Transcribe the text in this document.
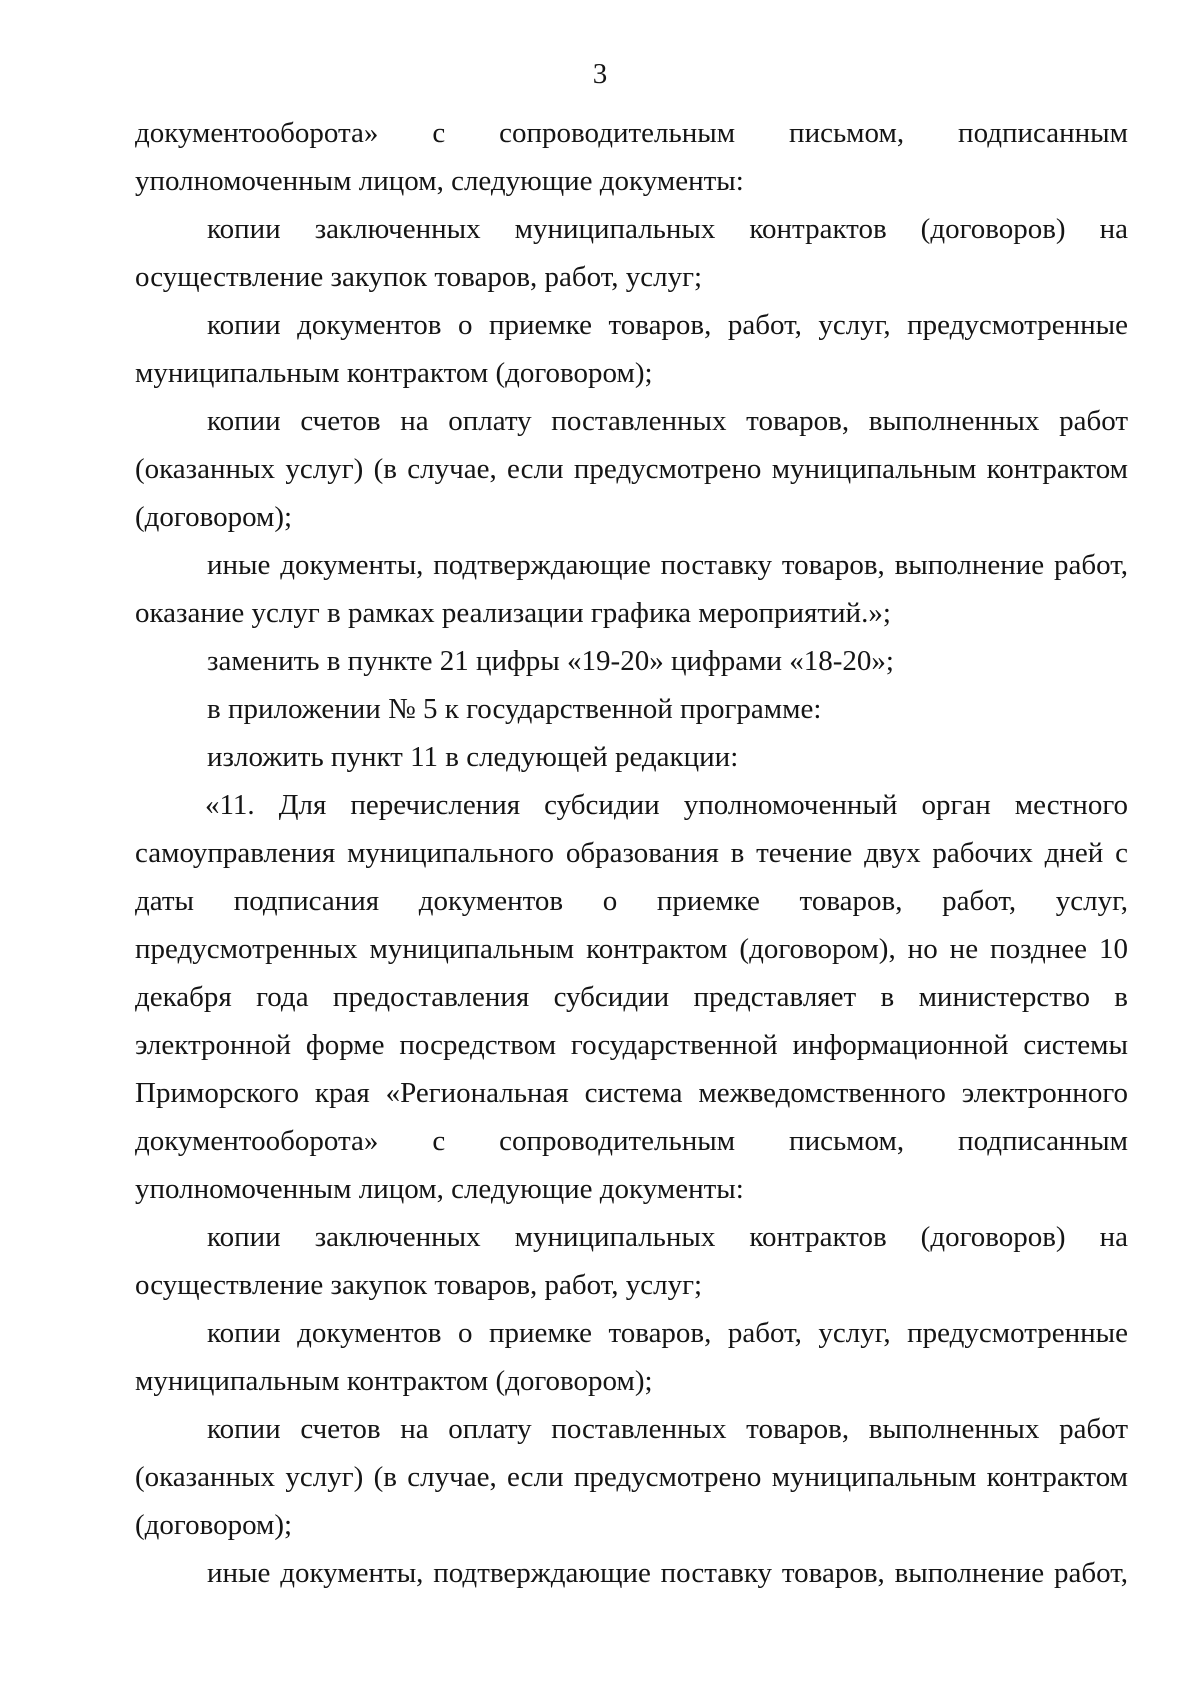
3

документооборота» с сопроводительным письмом, подписанным уполномоченным лицом, следующие документы:

копии заключенных муниципальных контрактов (договоров) на осуществление закупок товаров, работ, услуг;

копии документов о приемке товаров, работ, услуг, предусмотренные муниципальным контрактом (договором);

копии счетов на оплату поставленных товаров, выполненных работ (оказанных услуг) (в случае, если предусмотрено муниципальным контрактом (договором);

иные документы, подтверждающие поставку товаров, выполнение работ, оказание услуг в рамках реализации графика мероприятий.»;

заменить в пункте 21 цифры «19-20» цифрами «18-20»;

в приложении № 5 к государственной программе:

изложить пункт 11 в следующей редакции:

«11. Для перечисления субсидии уполномоченный орган местного самоуправления муниципального образования в течение двух рабочих дней с даты подписания документов о приемке товаров, работ, услуг, предусмотренных муниципальным контрактом (договором), но не позднее 10 декабря года предоставления субсидии представляет в министерство в электронной форме посредством государственной информационной системы Приморского края «Региональная система межведомственного электронного документооборота» с сопроводительным письмом, подписанным уполномоченным лицом, следующие документы:

копии заключенных муниципальных контрактов (договоров) на осуществление закупок товаров, работ, услуг;

копии документов о приемке товаров, работ, услуг, предусмотренные муниципальным контрактом (договором);

копии счетов на оплату поставленных товаров, выполненных работ (оказанных услуг) (в случае, если предусмотрено муниципальным контрактом (договором);

иные документы, подтверждающие поставку товаров, выполнение работ,
